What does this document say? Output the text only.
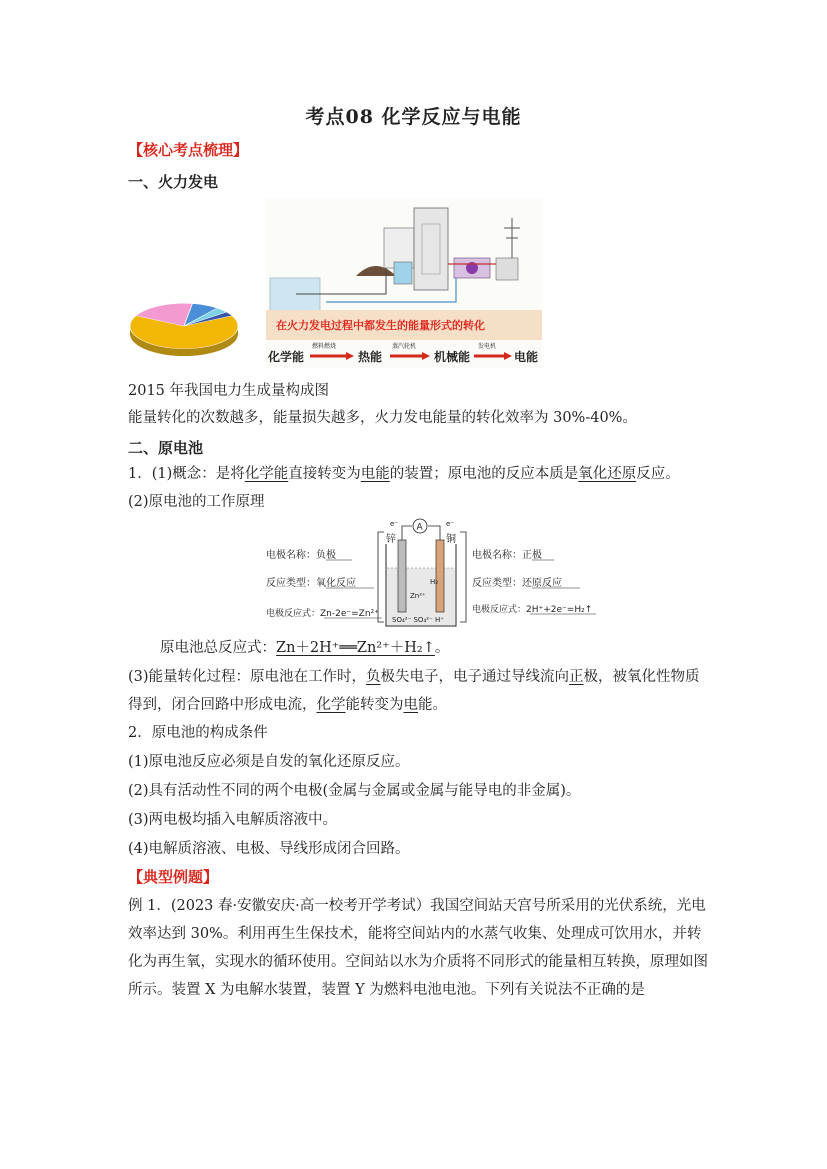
考点08 化学反应与电能
【核心考点梳理】
一、火力发电
在火力发电过程中都发生的能量形式的转化
化学能
燃料燃烧
热能
蒸汽轮机
机械能
发电机
电能
2015 年我国电力生成量构成图
能量转化的次数越多，能量损失越多，火力发电能量的转化效率为 30%-40%。
二、原电池
1．(1)概念：是将化学能直接转变为电能的装置；原电池的反应本质是氧化还原反应。
(2)原电池的工作原理
电极名称：负极
反应类型：氧化反应
电极反应式：Zn-2e⁻=Zn²⁺
A
e⁻	e⁻
锌	铜
Zn²⁺
H₂
SO₄²⁻ SO₄²⁻ H⁺
电极名称：正极
反应类型：还原反应
电极反应式：2H⁺+2e⁻=H₂↑
原电池总反应式：Zn＋2H⁺══Zn²⁺＋H₂↑。
(3)能量转化过程：原电池在工作时，负极失电子，电子通过导线流向正极，被氧化性物质
得到，闭合回路中形成电流，化学能转变为电能。
2．原电池的构成条件
(1)原电池反应必须是自发的氧化还原反应。
(2)具有活动性不同的两个电极(金属与金属或金属与能导电的非金属)。
(3)两电极均插入电解质溶液中。
(4)电解质溶液、电极、导线形成闭合回路。
【典型例题】
例 1．(2023 春·安徽安庆·高一校考开学考试）我国空间站天宫号所采用的光伏系统，光电
效率达到 30%。利用再生生保技术，能将空间站内的水蒸气收集、处理成可饮用水，并转
化为再生氧，实现水的循环使用。空间站以水为介质将不同形式的能量相互转换，原理如图
所示。装置 X 为电解水装置，装置 Y 为燃料电池电池。下列有关说法不正确的是
